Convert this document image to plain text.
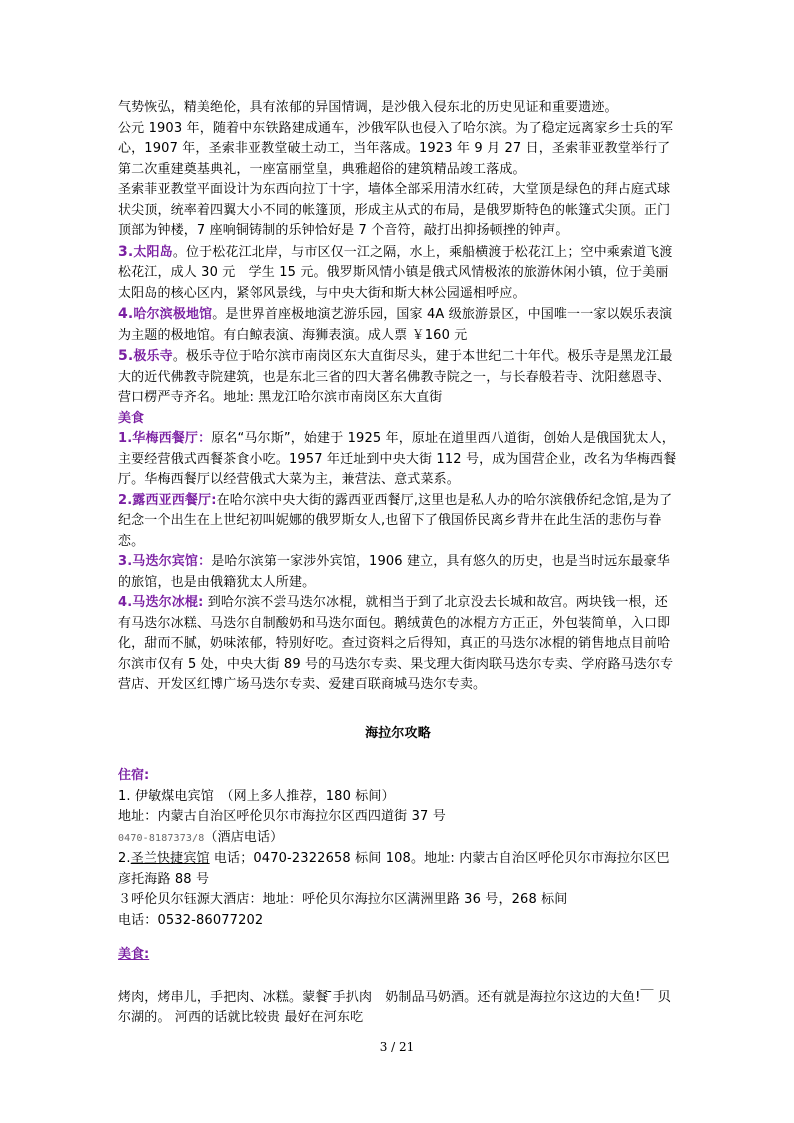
气势恢弘，精美绝伦，具有浓郁的异国情调，是沙俄入侵东北的历史见证和重要遗迹。

公元 1903 年，随着中东铁路建成通车，沙俄军队也侵入了哈尔滨。为了稳定远离家乡士兵的军心，1907 年，圣索非亚教堂破土动工，当年落成。1923 年 9 月 27 日，圣索菲亚教堂举行了第二次重建奠基典礼，一座富丽堂皇，典雅超俗的建筑精品竣工落成。

圣索菲亚教堂平面设计为东西向拉丁十字，墙体全部采用清水红砖，大堂顶是绿色的拜占庭式球状尖顶，统率着四翼大小不同的帐篷顶，形成主从式的布局，是俄罗斯特色的帐篷式尖顶。正门顶部为钟楼，7 座响铜铸制的乐钟恰好是 7 个音符，敲打出抑扬顿挫的钟声。

3.太阳岛。位于松花江北岸，与市区仅一江之隔，水上，乘船横渡于松花江上；空中乘索道飞渡松花江，成人 30 元　学生 15 元。俄罗斯风情小镇是俄式风情极浓的旅游休闲小镇，位于美丽太阳岛的核心区内，紧邻风景线，与中央大街和斯大林公园遥相呼应。

4.哈尔滨极地馆。是世界首座极地演艺游乐园，国家 4A 级旅游景区，中国唯一一家以娱乐表演为主题的极地馆。有白鲸表演、海狮表演。成人票 ￥160 元

5.极乐寺。极乐寺位于哈尔滨市南岗区东大直街尽头，建于本世纪二十年代。极乐寺是黑龙江最大的近代佛教寺院建筑，也是东北三省的四大著名佛教寺院之一，与长春般若寺、沈阳慈恩寺、营口楞严寺齐名。地址: 黑龙江哈尔滨市南岗区东大直街

美食

1.华梅西餐厅：原名“马尔斯”，始建于 1925 年，原址在道里西八道街，创始人是俄国犹太人，主要经营俄式西餐茶食小吃。1957 年迁址到中央大街 112 号，成为国营企业，改名为华梅西餐厅。华梅西餐厅以经营俄式大菜为主，兼营法、意式菜系。

2.露西亚西餐厅:在哈尔滨中央大街的露西亚西餐厅,这里也是私人办的哈尔滨俄侨纪念馆,是为了纪念一个出生在上世纪初叫妮娜的俄罗斯女人,也留下了俄国侨民离乡背井在此生活的悲伤与眷恋。

3.马迭尔宾馆：是哈尔滨第一家涉外宾馆，1906 建立，具有悠久的历史，也是当时远东最豪华的旅馆，也是由俄籍犹太人所建。

4.马迭尔冰棍: 到哈尔滨不尝马迭尔冰棍，就相当于到了北京没去长城和故宫。两块钱一根，还有马迭尔冰糕、马迭尔自制酸奶和马迭尔面包。鹅绒黄色的冰棍方方正正，外包装简单，入口即化，甜而不腻，奶味浓郁，特别好吃。查过资料之后得知，真正的马迭尔冰棍的销售地点目前哈尔滨市仅有 5 处，中央大街 89 号的马迭尔专卖、果戈理大街肉联马迭尔专卖、学府路马迭尔专营店、开发区红博广场马迭尔专卖、爱建百联商城马迭尔专卖。

海拉尔攻略

住宿:

1. 伊敏煤电宾馆　（网上多人推荐，180 标间）

地址：内蒙古自治区呼伦贝尔市海拉尔区西四道街 37 号

0470-8187373/8（酒店电话）

2.圣兰快捷宾馆 电话；0470-2322658 标间 108。地址: 内蒙古自治区呼伦贝尔市海拉尔区巴彦托海路 88 号

３呼伦贝尔钰源大酒店：地址：呼伦贝尔海拉尔区满洲里路 36 号，268 标间

电话：0532-86077202

美食:

烤肉，烤串儿，手把肉、冰糕。蒙餐 ̄手扒肉　奶制品马奶酒。还有就是海拉尔这边的大鱼!￣ 贝尔湖的。 河西的话就比较贵 最好在河东吃

3 / 21
